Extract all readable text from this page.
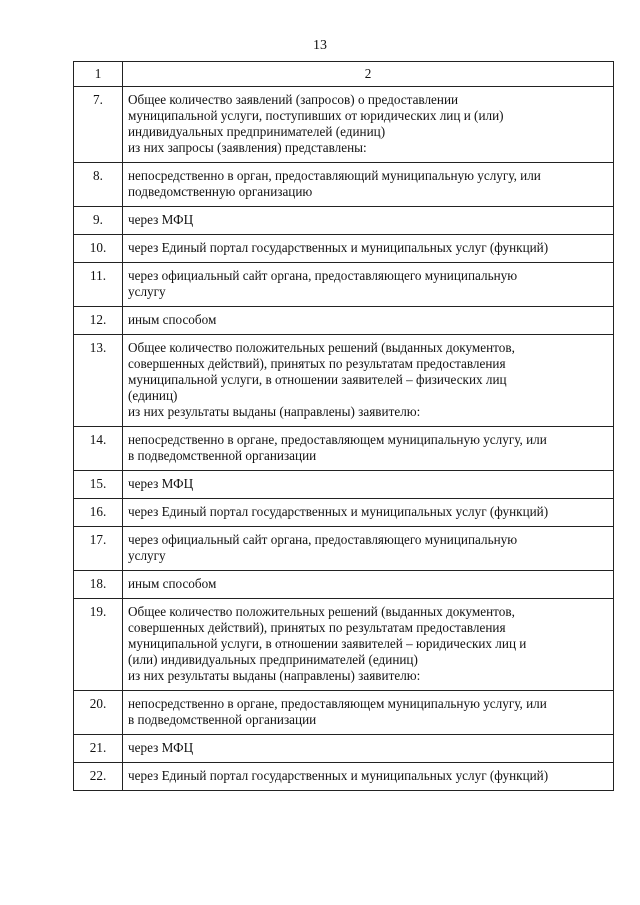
13
1	2
7.	Общее количество заявлений (запросов) о предоставлении
муниципальной услуги, поступивших от юридических лиц и (или)
индивидуальных предпринимателей (единиц)
из них запросы (заявления) представлены:

8.	непосредственно в орган, предоставляющий муниципальную услугу, или
подведомственную организацию

9.	через МФЦ

10.	через Единый портал государственных и муниципальных услуг (функций)

11.	через официальный сайт органа, предоставляющего муниципальную
услугу

12.	иным способом

13.	Общее количество положительных решений (выданных документов,
совершенных действий), принятых по результатам предоставления
муниципальной услуги, в отношении заявителей – физических лиц
(единиц)
из них результаты выданы (направлены) заявителю:

14.	непосредственно в органе, предоставляющем муниципальную услугу, или
в подведомственной организации

15.	через МФЦ

16.	через Единый портал государственных и муниципальных услуг (функций)

17.	через официальный сайт органа, предоставляющего муниципальную
услугу

18.	иным способом

19.	Общее количество положительных решений (выданных документов,
совершенных действий), принятых по результатам предоставления
муниципальной услуги, в отношении заявителей – юридических лиц и
(или) индивидуальных предпринимателей (единиц)
из них результаты выданы (направлены) заявителю:

20.	непосредственно в органе, предоставляющем муниципальную услугу, или
в подведомственной организации

21.	через МФЦ

22.	через Единый портал государственных и муниципальных услуг (функций)
